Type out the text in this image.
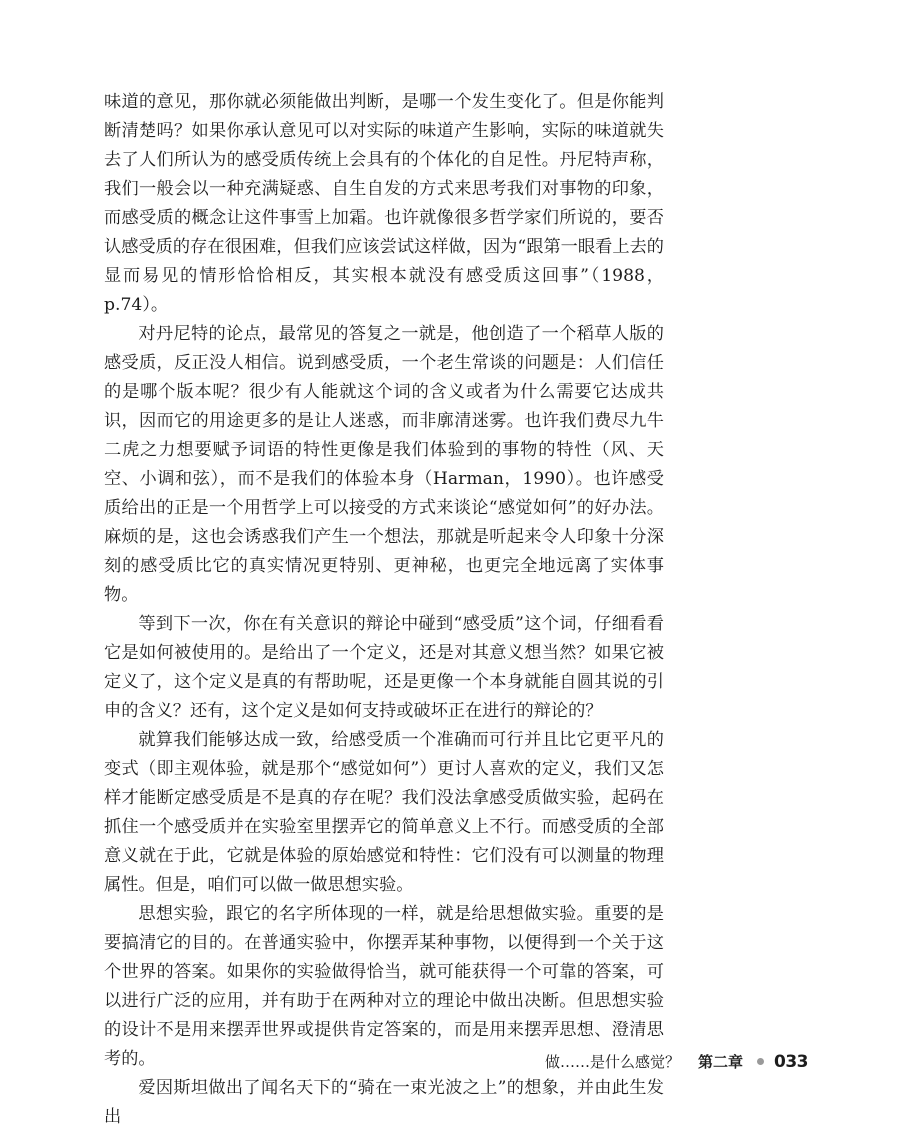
味道的意见，那你就必须能做出判断，是哪一个发生变化了。但是你能判断清楚吗？如果你承认意见可以对实际的味道产生影响，实际的味道就失去了人们所认为的感受质传统上会具有的个体化的自足性。丹尼特声称，我们一般会以一种充满疑惑、自生自发的方式来思考我们对事物的印象，而感受质的概念让这件事雪上加霜。也许就像很多哲学家们所说的，要否认感受质的存在很困难，但我们应该尝试这样做，因为“跟第一眼看上去的显而易见的情形恰恰相反，其实根本就没有感受质这回事”（1988，p.74）。

对丹尼特的论点，最常见的答复之一就是，他创造了一个稻草人版的感受质，反正没人相信。说到感受质，一个老生常谈的问题是：人们信任的是哪个版本呢？很少有人能就这个词的含义或者为什么需要它达成共识，因而它的用途更多的是让人迷惑，而非廓清迷雾。也许我们费尽九牛二虎之力想要赋予词语的特性更像是我们体验到的事物的特性（风、天空、小调和弦），而不是我们的体验本身（Harman，1990）。也许感受质给出的正是一个用哲学上可以接受的方式来谈论“感觉如何”的好办法。麻烦的是，这也会诱惑我们产生一个想法，那就是听起来令人印象十分深刻的感受质比它的真实情况更特别、更神秘，也更完全地远离了实体事物。

等到下一次，你在有关意识的辩论中碰到“感受质”这个词，仔细看看它是如何被使用的。是给出了一个定义，还是对其意义想当然？如果它被定义了，这个定义是真的有帮助呢，还是更像一个本身就能自圆其说的引申的含义？还有，这个定义是如何支持或破坏正在进行的辩论的？

就算我们能够达成一致，给感受质一个准确而可行并且比它更平凡的变式（即主观体验，就是那个“感觉如何”）更讨人喜欢的定义，我们又怎样才能断定感受质是不是真的存在呢？我们没法拿感受质做实验，起码在抓住一个感受质并在实验室里摆弄它的简单意义上不行。而感受质的全部意义就在于此，它就是体验的原始感觉和特性：它们没有可以测量的物理属性。但是，咱们可以做一做思想实验。

思想实验，跟它的名字所体现的一样，就是给思想做实验。重要的是要搞清它的目的。在普通实验中，你摆弄某种事物，以便得到一个关于这个世界的答案。如果你的实验做得恰当，就可能获得一个可靠的答案，可以进行广泛的应用，并有助于在两种对立的理论中做出决断。但思想实验的设计不是用来摆弄世界或提供肯定答案的，而是用来摆弄思想、澄清思考的。

爱因斯坦做出了闻名天下的“骑在一束光波之上”的想象，并由此生发出

做……是什么感觉？ 第二章 033
